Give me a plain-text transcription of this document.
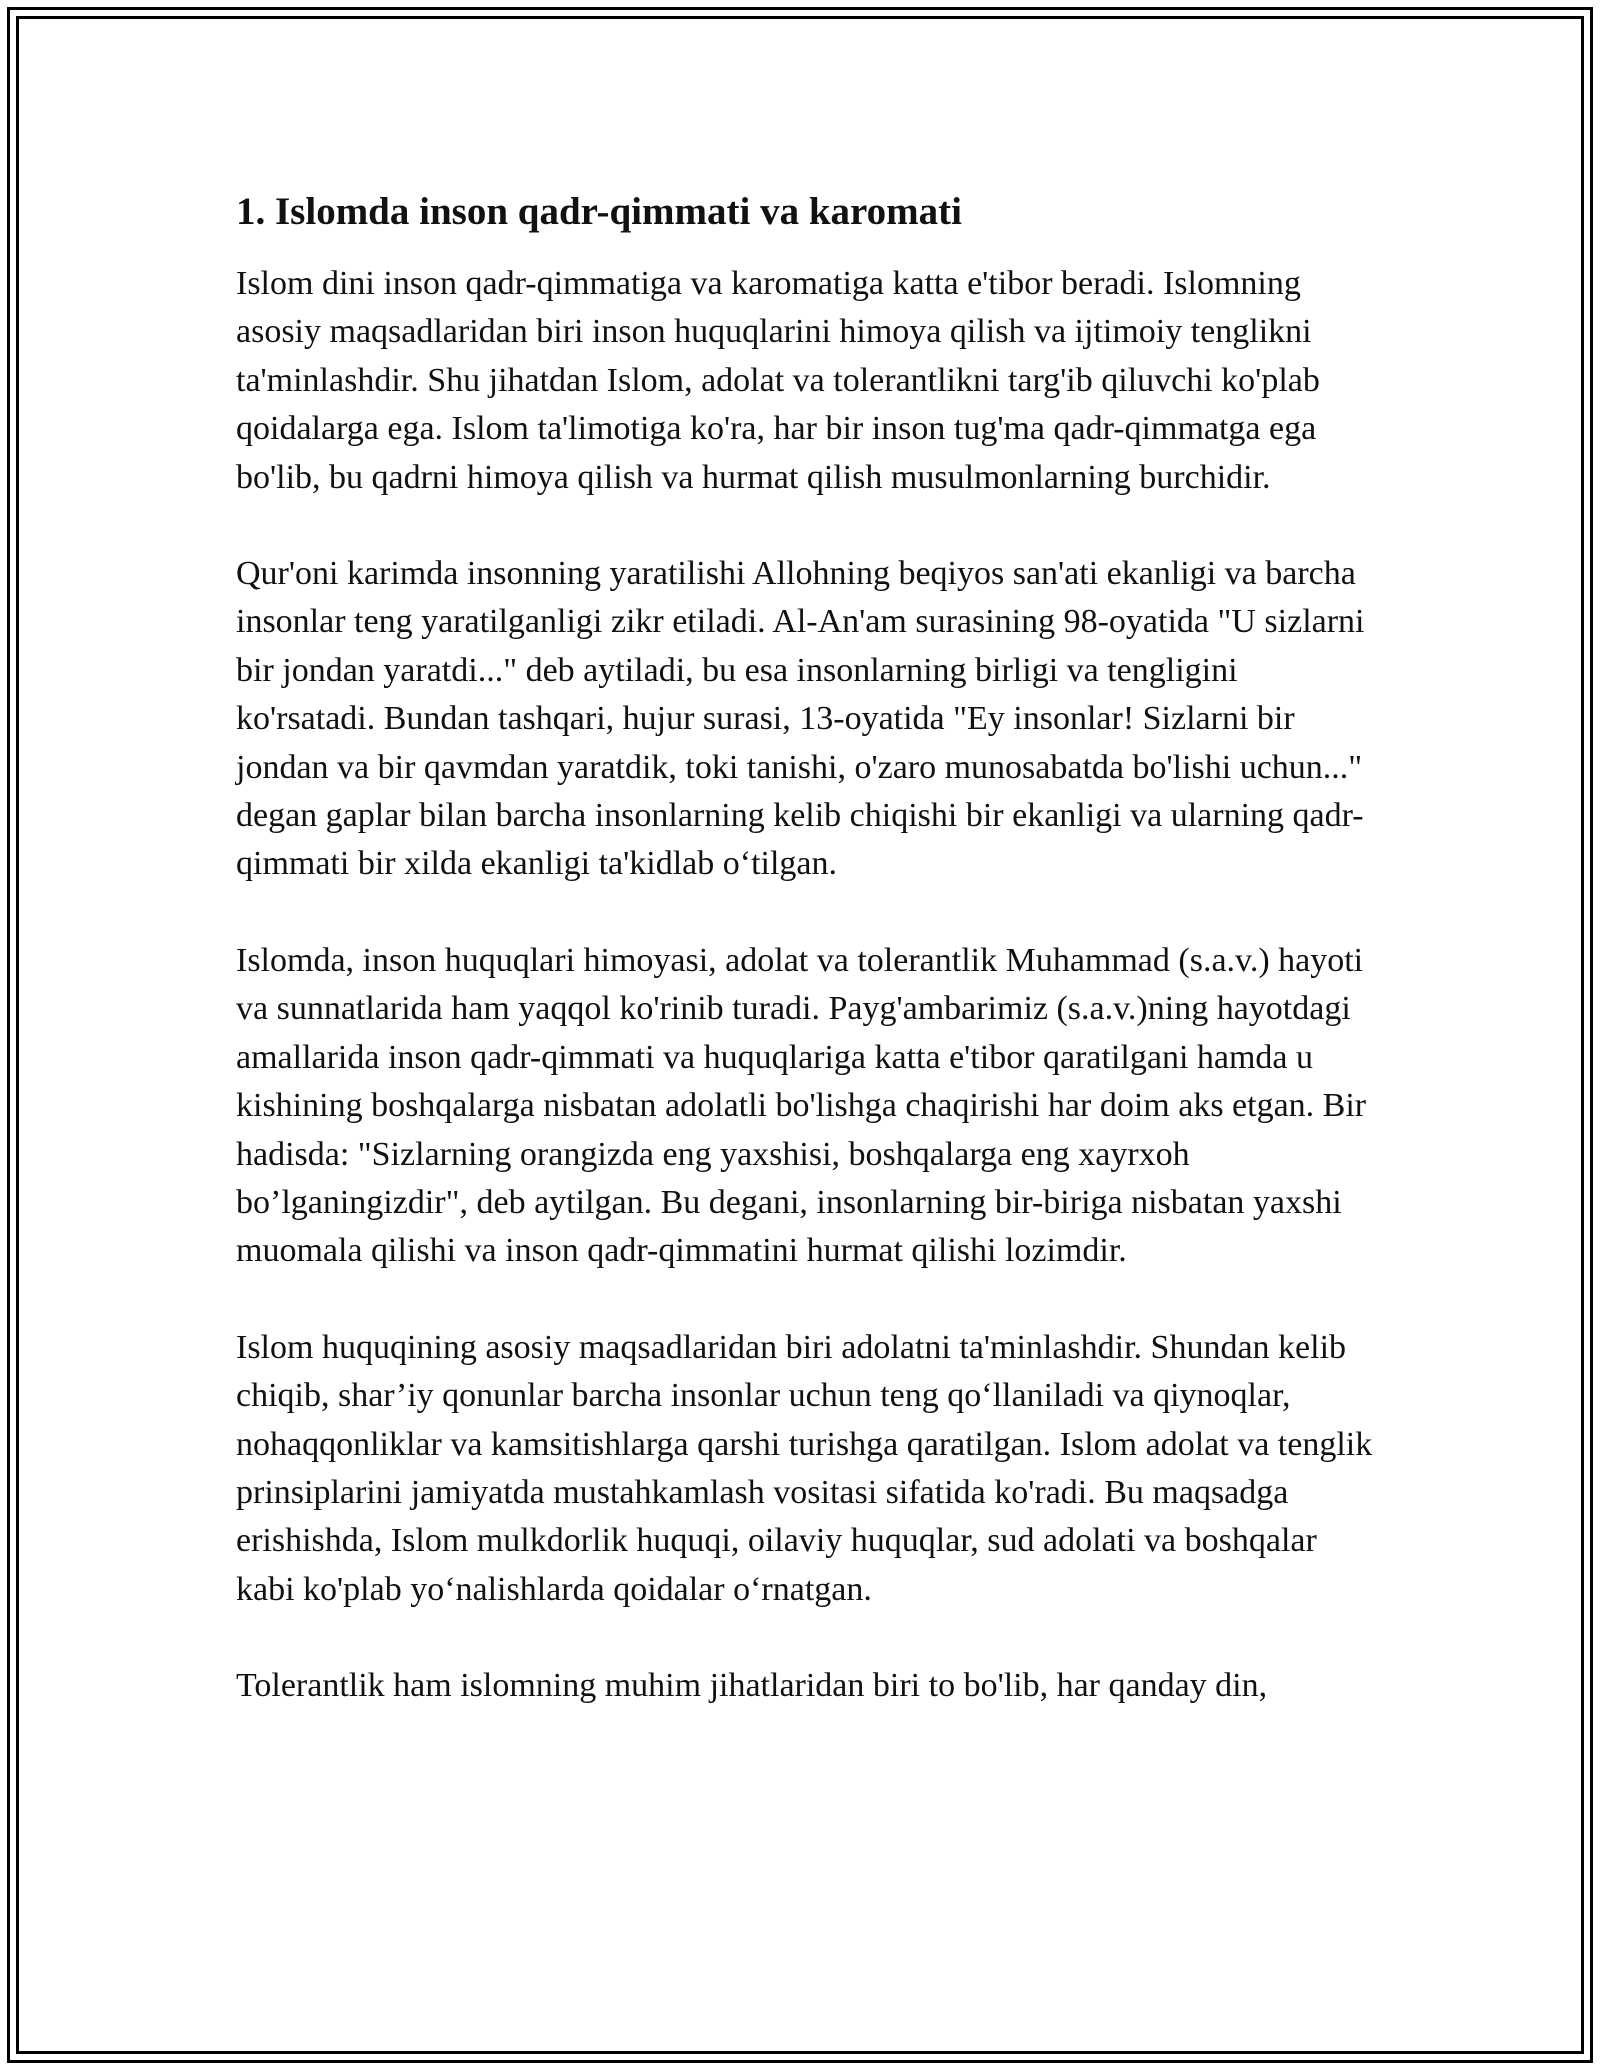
1. Islomda inson qadr-qimmati va karomati

Islom dini inson qadr-qimmatiga va karomatiga katta e'tibor beradi. Islomning asosiy maqsadlaridan biri inson huquqlarini himoya qilish va ijtimoiy tenglikni ta'minlashdir. Shu jihatdan Islom, adolat va tolerantlikni targ'ib qiluvchi ko'plab qoidalarga ega. Islom ta'limotiga ko'ra, har bir inson tug'ma qadr-qimmatga ega bo'lib, bu qadrni himoya qilish va hurmat qilish musulmonlarning burchidir.

Qur'oni karimda insonning yaratilishi Allohning beqiyos san'ati ekanligi va barcha insonlar teng yaratilganligi zikr etiladi. Al-An'am surasining 98-oyatida "U sizlarni bir jondan yaratdi..." deb aytiladi, bu esa insonlarning birligi va tengligini ko'rsatadi. Bundan tashqari, hujur surasi, 13-oyatida "Ey insonlar! Sizlarni bir jondan va bir qavmdan yaratdik, toki tanishi, o'zaro munosabatda bo'lishi uchun..." degan gaplar bilan barcha insonlarning kelib chiqishi bir ekanligi va ularning qadr-qimmati bir xilda ekanligi ta'kidlab o‘tilgan.

Islomda, inson huquqlari himoyasi, adolat va tolerantlik Muhammad (s.a.v.) hayoti va sunnatlarida ham yaqqol ko'rinib turadi. Payg'ambarimiz (s.a.v.)ning hayotdagi amallarida inson qadr-qimmati va huquqlariga katta e'tibor qaratilgani hamda u kishining boshqalarga nisbatan adolatli bo'lishga chaqirishi har doim aks etgan. Bir hadisda: "Sizlarning orangizda eng yaxshisi, boshqalarga eng xayrxoh bo’lganingizdir", deb aytilgan. Bu degani, insonlarning bir-biriga nisbatan yaxshi muomala qilishi va inson qadr-qimmatini hurmat qilishi lozimdir.

Islom huquqining asosiy maqsadlaridan biri adolatni ta'minlashdir. Shundan kelib chiqib, shar’iy qonunlar barcha insonlar uchun teng qo‘llaniladi va qiynoqlar, nohaqqonliklar va kamsitishlarga qarshi turishga qaratilgan. Islom adolat va tenglik prinsiplarini jamiyatda mustahkamlash vositasi sifatida ko'radi. Bu maqsadga erishishda, Islom mulkdorlik huquqi, oilaviy huquqlar, sud adolati va boshqalar kabi ko'plab yo‘nalishlarda qoidalar o‘rnatgan.

Tolerantlik ham islomning muhim jihatlaridan biri to bo'lib, har qanday din,
